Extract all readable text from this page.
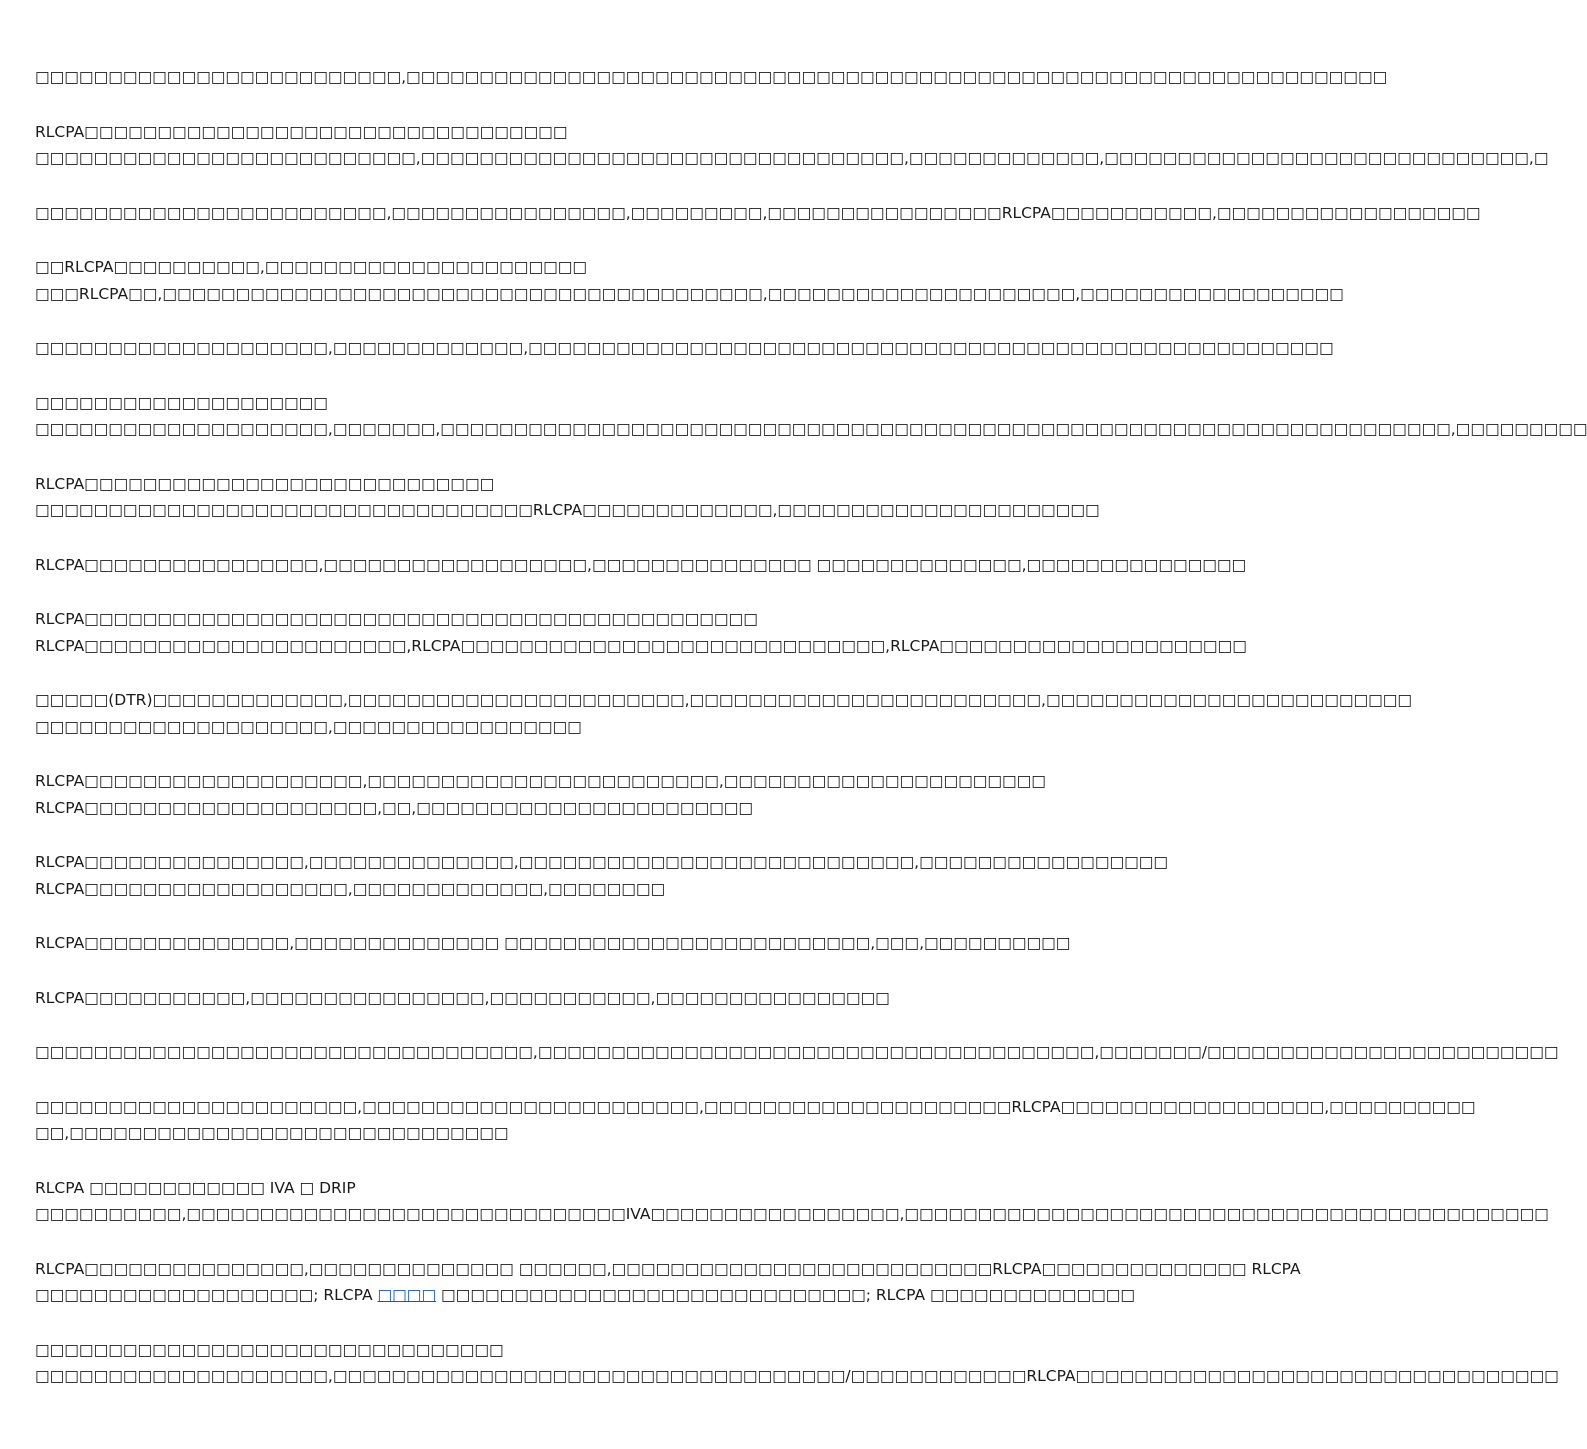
□□□□□□□□□□□□□□□□□□□□□□□□□,□□□□□□□□□□□□□□□□□□□□□□□□□□□□□□□□□□□□□□□□□□□□□□□□□□□□□□□□□□□□□□□□□□□

RLCPA□□□□□□□□□□□□□□□□□□□□□□□□□□□□□□□□□
□□□□□□□□□□□□□□□□□□□□□□□□□□,□□□□□□□□□□□□□□□□□□□□□□□□□□□□□□□□□,□□□□□□□□□□□□□,□□□□□□□□□□□□□□□□□□□□□□□□□□□□□,□

□□□□□□□□□□□□□□□□□□□□□□□□,□□□□□□□□□□□□□□□□,□□□□□□□□□,□□□□□□□□□□□□□□□□RLCPA□□□□□□□□□□□,□□□□□□□□□□□□□□□□□□

□□RLCPA□□□□□□□□□□,□□□□□□□□□□□□□□□□□□□□□□
□□□RLCPA□□,□□□□□□□□□□□□□□□□□□□□□□□□□□□□□□□□□□□□□□□□□,□□□□□□□□□□□□□□□□□□□□□,□□□□□□□□□□□□□□□□□□

□□□□□□□□□□□□□□□□□□□□,□□□□□□□□□□□□□,□□□□□□□□□□□□□□□□□□□□□□□□□□□□□□□□□□□□□□□□□□□□□□□□□□□□□□□

□□□□□□□□□□□□□□□□□□□□
□□□□□□□□□□□□□□□□□□□□,□□□□□□□,□□□□□□□□□□□□□□□□□□□□□□□□□□□□□□□□□□□□□□□□□□□□□□□□□□□□□□□□□□□□□□□□□□□□□,□□□□□□□□□

RLCPA□□□□□□□□□□□□□□□□□□□□□□□□□□□□
□□□□□□□□□□□□□□□□□□□□□□□□□□□□□□□□□□RLCPA□□□□□□□□□□□□□,□□□□□□□□□□□□□□□□□□□□□□

RLCPA□□□□□□□□□□□□□□□□,□□□□□□□□□□□□□□□□□□,□□□□□□□□□□□□□□□ □□□□□□□□□□□□□□,□□□□□□□□□□□□□□□

RLCPA□□□□□□□□□□□□□□□□□□□□□□□□□□□□□□□□□□□□□□□□□□□□□□
RLCPA□□□□□□□□□□□□□□□□□□□□□□,RLCPA□□□□□□□□□□□□□□□□□□□□□□□□□□□□□,RLCPA□□□□□□□□□□□□□□□□□□□□□

□□□□□(DTR)□□□□□□□□□□□□□,□□□□□□□□□□□□□□□□□□□□□□□,□□□□□□□□□□□□□□□□□□□□□□□□,□□□□□□□□□□□□□□□□□□□□□□□□□
□□□□□□□□□□□□□□□□□□□□,□□□□□□□□□□□□□□□□□

RLCPA□□□□□□□□□□□□□□□□□□□,□□□□□□□□□□□□□□□□□□□□□□□□,□□□□□□□□□□□□□□□□□□□□□□
RLCPA□□□□□□□□□□□□□□□□□□□□,□□,□□□□□□□□□□□□□□□□□□□□□□□

RLCPA□□□□□□□□□□□□□□□,□□□□□□□□□□□□□□,□□□□□□□□□□□□□□□□□□□□□□□□□□□,□□□□□□□□□□□□□□□□□
RLCPA□□□□□□□□□□□□□□□□□□,□□□□□□□□□□□□□,□□□□□□□□

RLCPA□□□□□□□□□□□□□□,□□□□□□□□□□□□□□ □□□□□□□□□□□□□□□□□□□□□□□□□,□□□,□□□□□□□□□□

RLCPA□□□□□□□□□□□,□□□□□□□□□□□□□□□□,□□□□□□□□□□□,□□□□□□□□□□□□□□□□

□□□□□□□□□□□□□□□□□□□□□□□□□□□□□□□□□□,□□□□□□□□□□□□□□□□□□□□□□□□□□□□□□□□□□□□□□,□□□□□□□/□□□□□□□□□□□□□□□□□□□□□□□□

□□□□□□□□□□□□□□□□□□□□□□,□□□□□□□□□□□□□□□□□□□□□□□,□□□□□□□□□□□□□□□□□□□□□RLCPA□□□□□□□□□□□□□□□□□□,□□□□□□□□□□
□□,□□□□□□□□□□□□□□□□□□□□□□□□□□□□□□

RLCPA □□□□□□□□□□□□ IVA □ DRIP
□□□□□□□□□□,□□□□□□□□□□□□□□□□□□□□□□□□□□□□□□IVA□□□□□□□□□□□□□□□□□,□□□□□□□□□□□□□□□□□□□□□□□□□□□□□□□□□□□□□□□□□□□□

RLCPA□□□□□□□□□□□□□□□,□□□□□□□□□□□□□□ □□□□□□,□□□□□□□□□□□□□□□□□□□□□□□□□□RLCPA□□□□□□□□□□□□□□ RLCPA
□□□□□□□□□□□□□□□□□□□; RLCPA □□□□ □□□□□□□□□□□□□□□□□□□□□□□□□□□□□; RLCPA □□□□□□□□□□□□□□

□□□□□□□□□□□□□□□□□□□□□□□□□□□□□□□□
□□□□□□□□□□□□□□□□□□□□,□□□□□□□□□□□□□□□□□□□□□□□□□□□□□□□□□□□/□□□□□□□□□□□□RLCPA□□□□□□□□□□□□□□□□□□□□□□□□□□□□□□□□□
